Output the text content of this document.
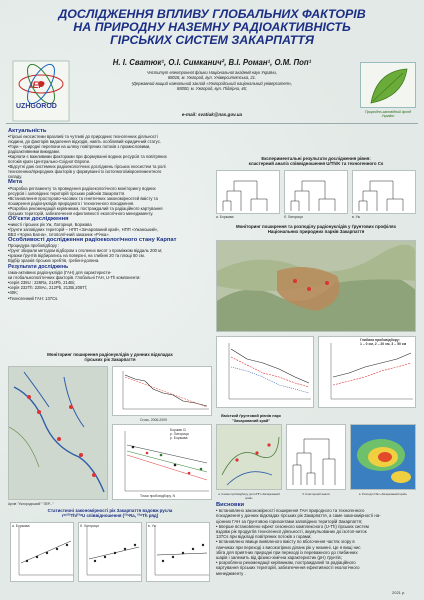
ДОСЛІДЖЕННЯ ВПЛИВУ ГЛОБАЛЬНИХ ФАКТОРІВ
НА ПРИРОДНУ НАЗЕМНУ РАДІОАКТИВНІСТЬ
ГІРСЬКИХ СИСТЕМ ЗАКАРПАТТЯ
IEP
UZHGOROD
Н. І. Сватюк¹, О.І. Симканич², В.І. Роман¹, О.М. Поп¹
¹Інститут електронної фізики Національної академії наук України,
88018, м. Ужгород, вул. Університетська, 21.
²Державний вищий навчальний заклад «Ужгородський національний університет»,
88000, м. Ужгород, вул. Підгірна, 46;
e-mail: svatiuk@nas.gov.ua	Природно-заповідний фонд України
Актуальність
•Гірські екосистеми вразливі та чутливі до природних техногенних діяльності
людини, до факторів видалення відходів, навіть особливий юридичний статус.
•Гори – природні перепони на шляху повітряних потоків з промисловими,
радіоактивними викидами.
•Карпати є важливими факторами при формуванні водних ресурсів та повітряних
потоків країн Центрально-Східної Європи.
•Відсутні дані системних радіоекологічних досліджень гірських екосистем та ролі
техногенних/природних факторів у формуванні їх ізотопного/мікроелементного
складу.
Мета
•Розробка регламенту та проведення радіоекологічного моніторингу водних
ресурсів і заповідних територій гірських районів Закарпаття.
•Встановлення просторово-часових та генетичних закономірностей вмісту та
поширення радіонуклідів природного і техногенного походження.
•Розробка рекомендацій керівникам, постраждалий та радіаційного картування
гірських територій, забезпечення ефективності екологічного менеджменту.
Об'єкти дослідження
•ниюсті гірських рік Уж, Латориця, Боржава
•ґрунти заповідних територій – НПП «Зачарований край», НПП «Ужанський»,
ВБЗ «Чорна Багна», Ізтополгічний заказник «Річка».
Особливості дослідження радіоекологічного стану Карпат
Процедура пробовідбору :
•ґрунт збирали методом відбором з оголених висот з проміжком віддаль 200 м;
•зразки ґрунтів відбирались на поверхні, на глибині 20 та площі 50 см.
Відбір зразків гірських хребтів, гребені-долина.
Результати досліджень
гама-активних радіонуклідів (ГАН) для характеристи-
ки глобальнополітичних факторів. Глобальні ГАН, U-Th компоненти:
•серія 238U : 226Ra, 214Pb, 214Bi;
•серія 232Th: 228Ac, 212Pb, 212Bi,208Tl;
•40K;
•Техногенний ГАН: 137Cs.
Моніторинг поширення радіонуклідів у донних відкладах
гірських рік Закарпаття
Архів "Ужгородський" "ЗЕР..."
Cross, 2006-2009
Боржав Сі
р. Латориця
р. Боржава
Точки пробовідбору, N
Статистичні закономірності рік Закарпаття вздовж русла
r=²³²Th/²³⁸U співвідношення (²²⁶Ra, ²²⁸Th ряд)
а. Боржава	б. Латориця	в. Уж
Експериментальні результати дослідження рівня:
кластерний аналіз співвідношення U/Th/K та техногенного Cs
а. Боржава	б. Латориця	в. Уж
Моніторинг поширення та розподілу радіонуклідів у ґрунтових профілях
Національних природних парків Закарпаття
Глибина пробовідбору:
1 – 0 см, 2 – 20 см, 3 – 50 см
Вмісткий ґрунтовий рівнів парк
"Зачарований край"
а. Схема пробовідбору для НПП «Зачарований край»
б. Кластерний аналіз	в. Розподіл ГАН «Зачарований край»
Висновки
• встановлено закономірності поширення ГАН природного та техногенного
походження у донних відкладах гірських рік Закарпаття, а саме закономірності на-
ціонних ГАН за ґрунтовою горизонтами заповідних територій Закарпаття;
• вперше встановлено ефект сезонного комплексного (U-Th) гірських систем
вздовж рік продуктів техногенної діяльності, акумульованих до ізотоп-ниток
137Cs при відкладі повітряних потоків з горами;
• встановлено явище виявленого вмісту по вбогочення частях згору в
ланчиках при переході з високогірних діланк рік у низинні. Це я вищі нис
збіга для приятних природні при переході із переважного до глибинних
шарів і залежить від фізико-хімічна характеристик (рН) ґрунтів;
• розроблено рекомендації керівникам, постраждалий та радіаційного
картування гірських територій, забезпечення ефективності екологічного
менеджменту .
2021 р.
